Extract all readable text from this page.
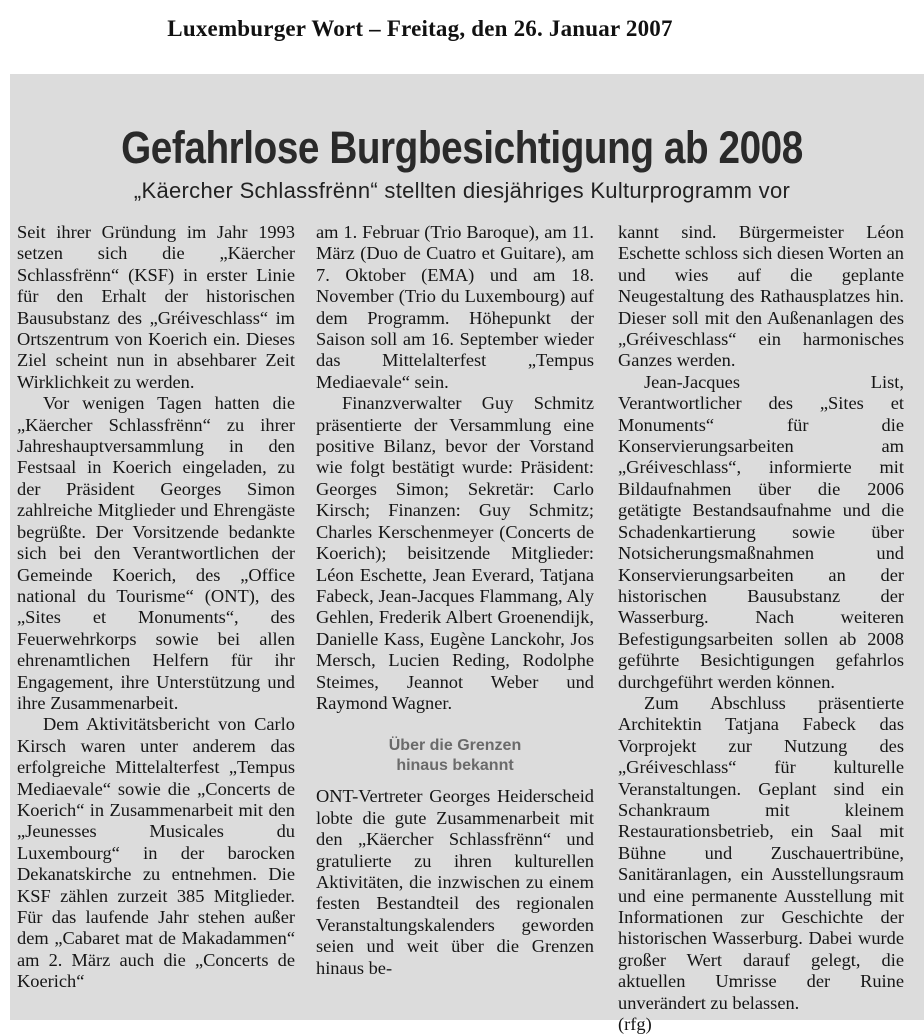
Luxemburger Wort – Freitag, den 26. Januar 2007
Gefahrlose Burgbesichtigung ab 2008
„Käercher Schlassfrënn“ stellten diesjähriges Kulturprogramm vor

Seit ihrer Gründung im Jahr 1993 setzen sich die „Käercher Schlassfrënn“ (KSF) in erster Linie für den Erhalt der historischen Bausubstanz des „Gréiveschlass“ im Ortszentrum von Koerich ein. Dieses Ziel scheint nun in absehbarer Zeit Wirklichkeit zu werden.

Vor wenigen Tagen hatten die „Käercher Schlassfrënn“ zu ihrer Jahreshauptversammlung in den Festsaal in Koerich eingeladen, zu der Präsident Georges Simon zahlreiche Mitglieder und Ehrengäste begrüßte. Der Vorsitzende bedankte sich bei den Verantwortlichen der Gemeinde Koerich, des „Office national du Tourisme“ (ONT), des „Sites et Monuments“, des Feuerwehrkorps sowie bei allen ehrenamtlichen Helfern für ihr Engagement, ihre Unterstützung und ihre Zusammenarbeit.

Dem Aktivitätsbericht von Carlo Kirsch waren unter anderem das erfolgreiche Mittelalterfest „Tempus Mediaevale“ sowie die „Concerts de Koerich“ in Zusammenarbeit mit den „Jeunesses Musicales du Luxembourg“ in der barocken Dekanatskirche zu entnehmen. Die KSF zählen zurzeit 385 Mitglieder. Für das laufende Jahr stehen außer dem „Cabaret mat de Makadammen“ am 2. März auch die „Concerts de Koerich“

am 1. Februar (Trio Baroque), am 11. März (Duo de Cuatro et Guitare), am 7. Oktober (EMA) und am 18. November (Trio du Luxembourg) auf dem Programm. Höhepunkt der Saison soll am 16. September wieder das Mittelalterfest „Tempus Mediaevale“ sein.

Finanzverwalter Guy Schmitz präsentierte der Versammlung eine positive Bilanz, bevor der Vorstand wie folgt bestätigt wurde: Präsident: Georges Simon; Sekretär: Carlo Kirsch; Finanzen: Guy Schmitz; Charles Kerschenmeyer (Concerts de Koerich); beisitzende Mitglieder: Léon Eschette, Jean Everard, Tatjana Fabeck, Jean-Jacques Flammang, Aly Gehlen, Frederik Albert Groenendijk, Danielle Kass, Eugène Lanckohr, Jos Mersch, Lucien Reding, Rodolphe Steimes, Jeannot Weber und Raymond Wagner.

Über die Grenzen
hinaus bekannt

ONT-Vertreter Georges Heiderscheid lobte die gute Zusammenarbeit mit den „Käercher Schlassfrënn“ und gratulierte zu ihren kulturellen Aktivitäten, die inzwischen zu einem festen Bestandteil des regionalen Veranstaltungskalenders geworden seien und weit über die Grenzen hinaus be-

kannt sind. Bürgermeister Léon Eschette schloss sich diesen Worten an und wies auf die geplante Neugestaltung des Rathausplatzes hin. Dieser soll mit den Außenanlagen des „Gréiveschlass“ ein harmonisches Ganzes werden.

Jean-Jacques List, Verantwortlicher des „Sites et Monuments“ für die Konservierungsarbeiten am „Gréiveschlass“, informierte mit Bildaufnahmen über die 2006 getätigte Bestandsaufnahme und die Schadenkartierung sowie über Notsicherungsmaßnahmen und Konservierungsarbeiten an der historischen Bausubstanz der Wasserburg. Nach weiteren Befestigungsarbeiten sollen ab 2008 geführte Besichtigungen gefahrlos durchgeführt werden können.

Zum Abschluss präsentierte Architektin Tatjana Fabeck das Vorprojekt zur Nutzung des „Gréiveschlass“ für kulturelle Veranstaltungen. Geplant sind ein Schankraum mit kleinem Restaurationsbetrieb, ein Saal mit Bühne und Zuschauertribüne, Sanitäranlagen, ein Ausstellungsraum und eine permanente Ausstellung mit Informationen zur Geschichte der historischen Wasserburg. Dabei wurde großer Wert darauf gelegt, die aktuellen Umrisse der Ruine unverändert zu belassen.

(rfg)
